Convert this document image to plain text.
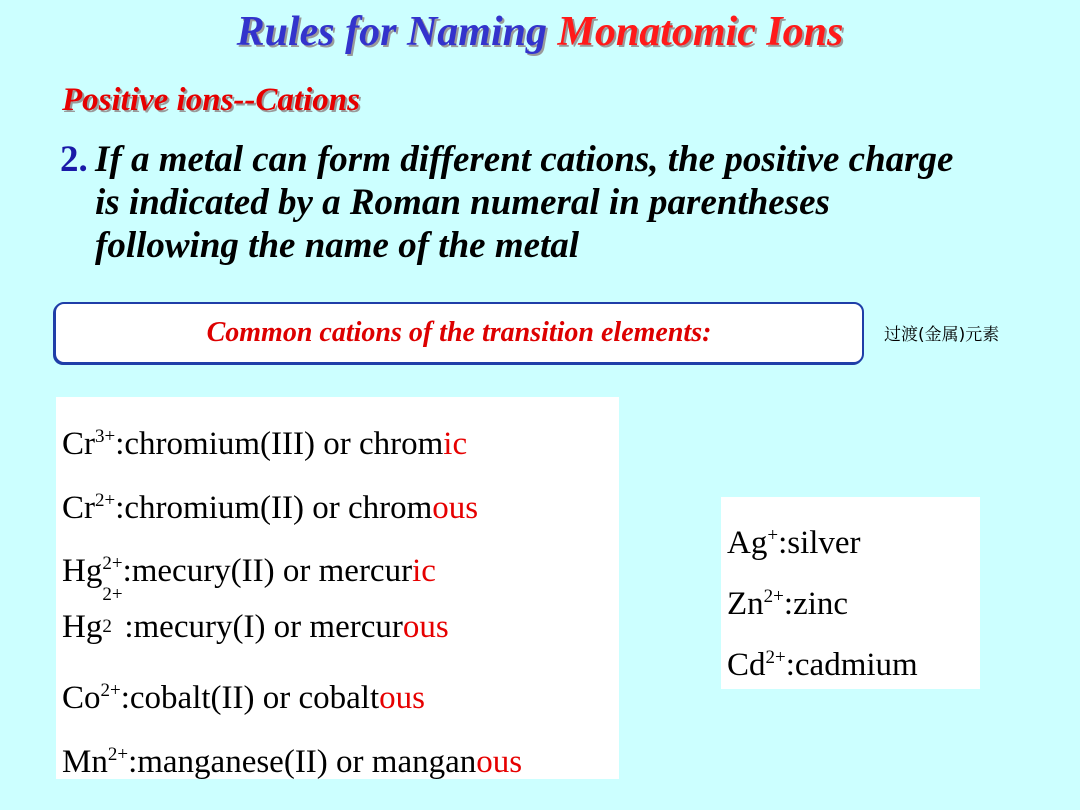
Rules for Naming Monatomic Ions
Positive ions--Cations
2. If a metal can form different cations, the positive charge is indicated by a Roman numeral in parentheses following the name of the metal
Common cations of the transition elements:	过渡(金属)元素
$Cr^{3+}:chromium(III)$ or chromic
$Cr^{2+}:chromium(II)$ or chromous
$Hg^{2+}:mecury(II)$ or mercuric
Hg
2+
2 :mecury(I) or mercurous
$Co^{2+}:cobalt(II)$ or cobaltous
$Mn^{2+}:manganese(II)$ or manganous
Ag+:silver
$Zn^{2+}:zinc$
$Cd^{2+}:cadmium$
